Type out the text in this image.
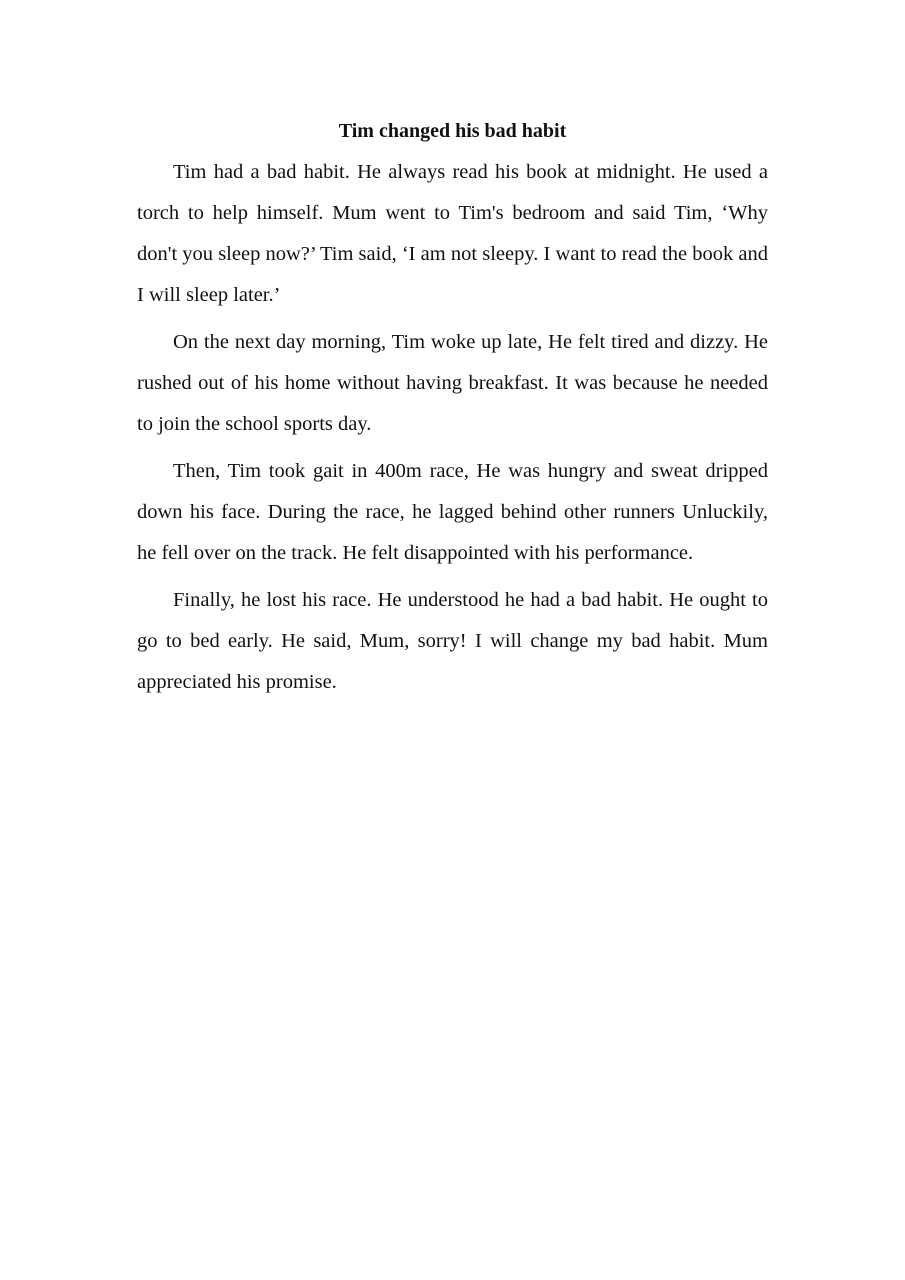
Tim changed his bad habit

Tim had a bad habit. He always read his book at midnight. He used a torch to help himself. Mum went to Tim's bedroom and said Tim, ‘Why don't you sleep now?’ Tim said, ‘I am not sleepy. I want to read the book and I will sleep later.’

On the next day morning, Tim woke up late, He felt tired and dizzy. He rushed out of his home without having breakfast. It was because he needed to join the school sports day.

Then, Tim took gait in 400m race, He was hungry and sweat dripped down his face. During the race, he lagged behind other runners Unluckily, he fell over on the track. He felt disappointed with his performance.

Finally, he lost his race. He understood he had a bad habit. He ought to go to bed early. He said, Mum, sorry! I will change my bad habit. Mum appreciated his promise.
